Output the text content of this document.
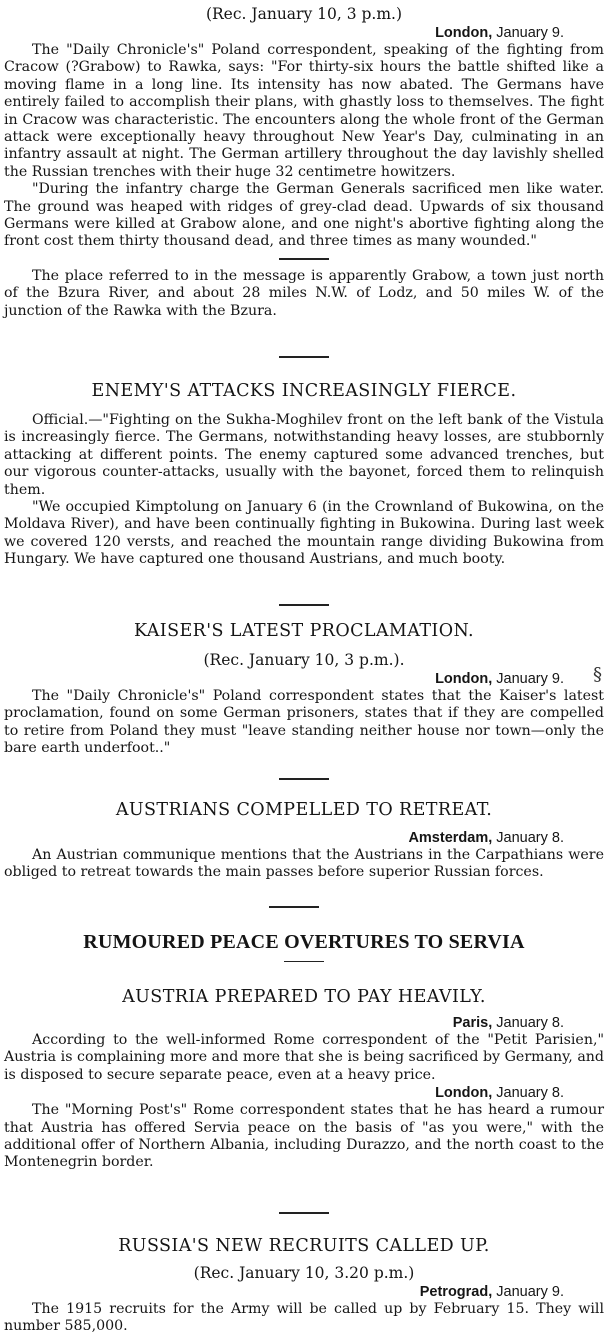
(Rec. January 10, 3 p.m.)

London, January 9.

The "Daily Chronicle's" Poland correspondent, speaking of the fighting from Cracow (?Grabow) to Rawka, says: "For thirty-six hours the battle shifted like a moving flame in a long line. Its intensity has now abated. The Germans have entirely failed to accomplish their plans, with ghastly loss to themselves. The fight in Cracow was characteristic. The encounters along the whole front of the German attack were exceptionally heavy throughout New Year's Day, culminating in an infantry assault at night. The German artillery throughout the day lavishly shelled the Russian trenches with their huge 32 centimetre howitzers.

"During the infantry charge the German Generals sacrificed men like water. The ground was heaped with ridges of grey-clad dead. Upwards of six thousand Germans were killed at Grabow alone, and one night's abortive fighting along the front cost them thirty thousand dead, and three times as many wounded."

The place referred to in the message is apparently Grabow, a town just north of the Bzura River, and about 28 miles N.W. of Lodz, and 50 miles W. of the junction of the Rawka with the Bzura.

ENEMY'S ATTACKS INCREASINGLY FIERCE.

Official.—"Fighting on the Sukha-Moghilev front on the left bank of the Vistula is increasingly fierce. The Germans, notwithstanding heavy losses, are stubbornly attacking at different points. The enemy captured some advanced trenches, but our vigorous counter-attacks, usually with the bayonet, forced them to relinquish them.

"We occupied Kimptolung on January 6 (in the Crownland of Bukowina, on the Moldava River), and have been continually fighting in Bukowina. During last week we covered 120 versts, and reached the mountain range dividing Bukowina from Hungary. We have captured one thousand Austrians, and much booty.

KAISER'S LATEST PROCLAMATION.

(Rec. January 10, 3 p.m.).

London, January 9.

The "Daily Chronicle's" Poland correspondent states that the Kaiser's latest proclamation, found on some German prisoners, states that if they are compelled to retire from Poland they must "leave standing neither house nor town—only the bare earth underfoot.."

AUSTRIANS COMPELLED TO RETREAT.

Amsterdam, January 8.

An Austrian communique mentions that the Austrians in the Carpathians were obliged to retreat towards the main passes before superior Russian forces.

RUMOURED PEACE OVERTURES TO SERVIA
AUSTRIA PREPARED TO PAY HEAVILY.

Paris, January 8.

According to the well-informed Rome correspondent of the "Petit Parisien," Austria is complaining more and more that she is being sacrificed by Germany, and is disposed to secure separate peace, even at a heavy price.

London, January 8.

The "Morning Post's" Rome correspondent states that he has heard a rumour that Austria has offered Servia peace on the basis of "as you were," with the additional offer of Northern Albania, including Durazzo, and the north coast to the Montenegrin border.

RUSSIA'S NEW RECRUITS CALLED UP.

(Rec. January 10, 3.20 p.m.)

Petrograd, January 9.

The 1915 recruits for the Army will be called up by February 15. They will number 585,000.

§
